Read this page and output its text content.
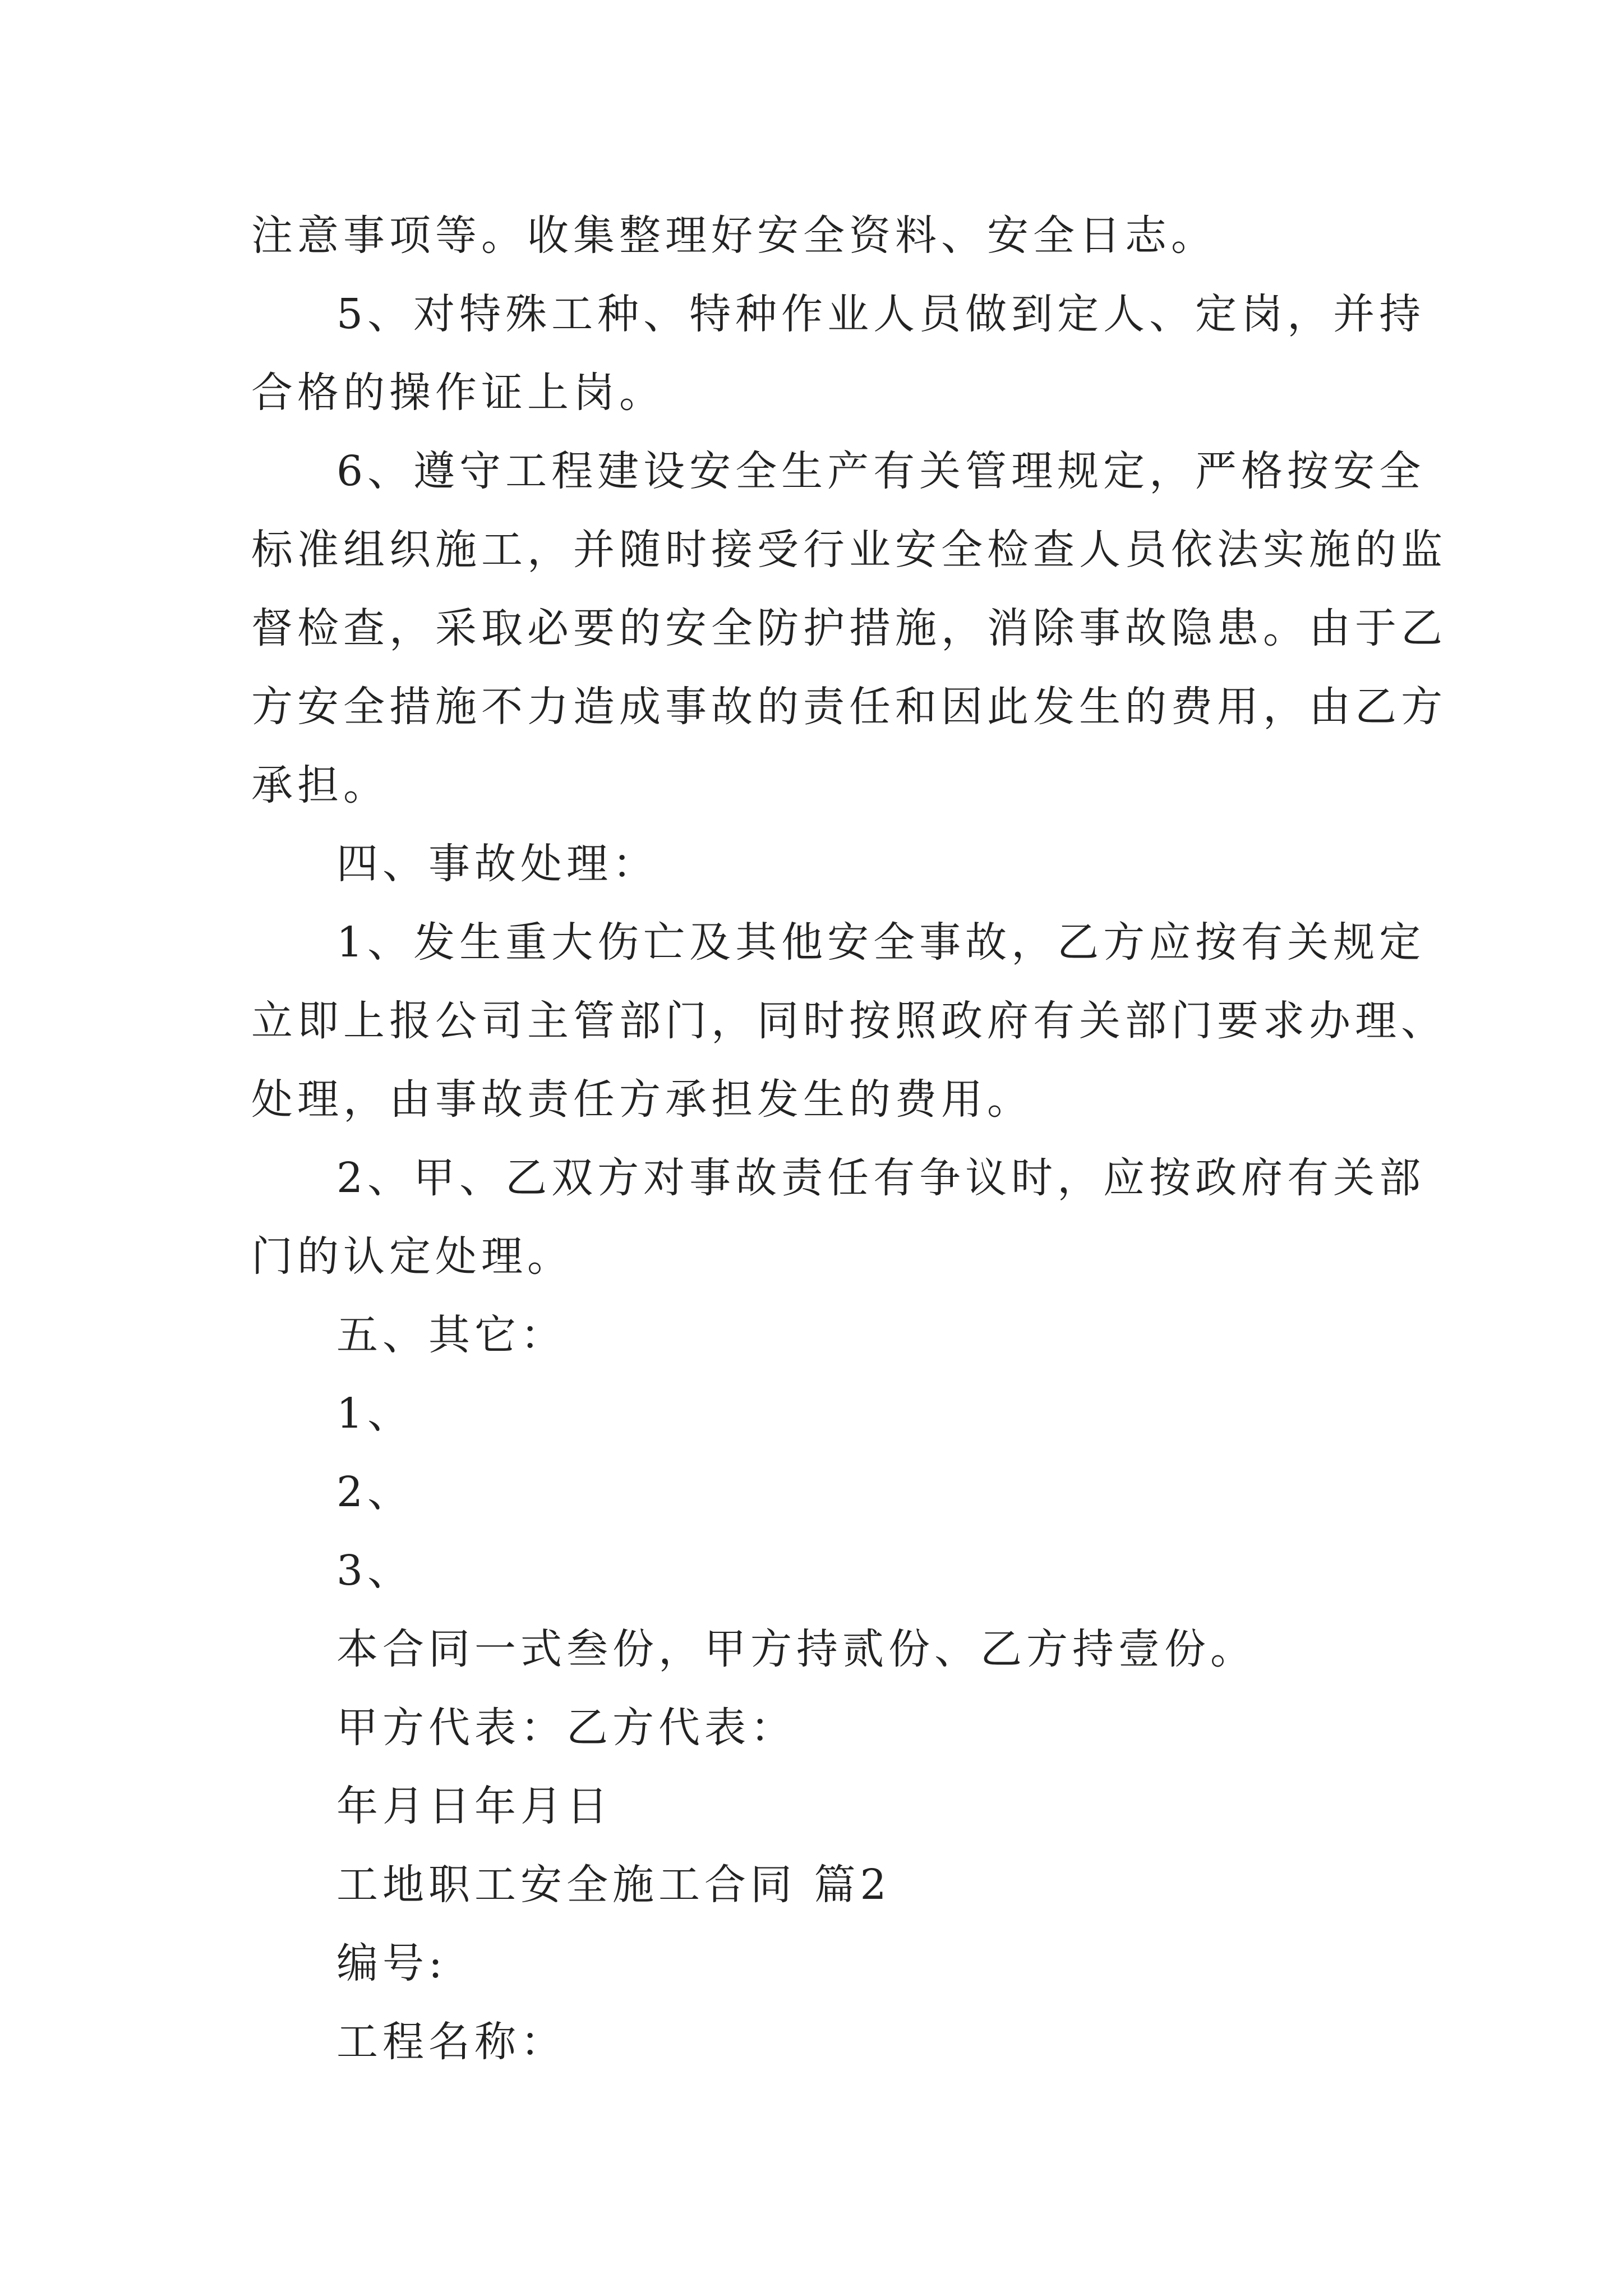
注意事项等。收集整理好安全资料、安全日志。
5、对特殊工种、特种作业人员做到定人、定岗，并持
合格的操作证上岗。
6、遵守工程建设安全生产有关管理规定，严格按安全
标准组织施工，并随时接受行业安全检查人员依法实施的监
督检查，采取必要的安全防护措施，消除事故隐患。由于乙
方安全措施不力造成事故的责任和因此发生的费用，由乙方
承担。
四、事故处理：
1、发生重大伤亡及其他安全事故，乙方应按有关规定
立即上报公司主管部门，同时按照政府有关部门要求办理、
处理，由事故责任方承担发生的费用。
2、甲、乙双方对事故责任有争议时，应按政府有关部
门的认定处理。
五、其它：
1、
2、
3、
本合同一式叁份，甲方持贰份、乙方持壹份。
甲方代表：乙方代表：
年月日年月日
工地职工安全施工合同 篇2
编号:
工程名称：
